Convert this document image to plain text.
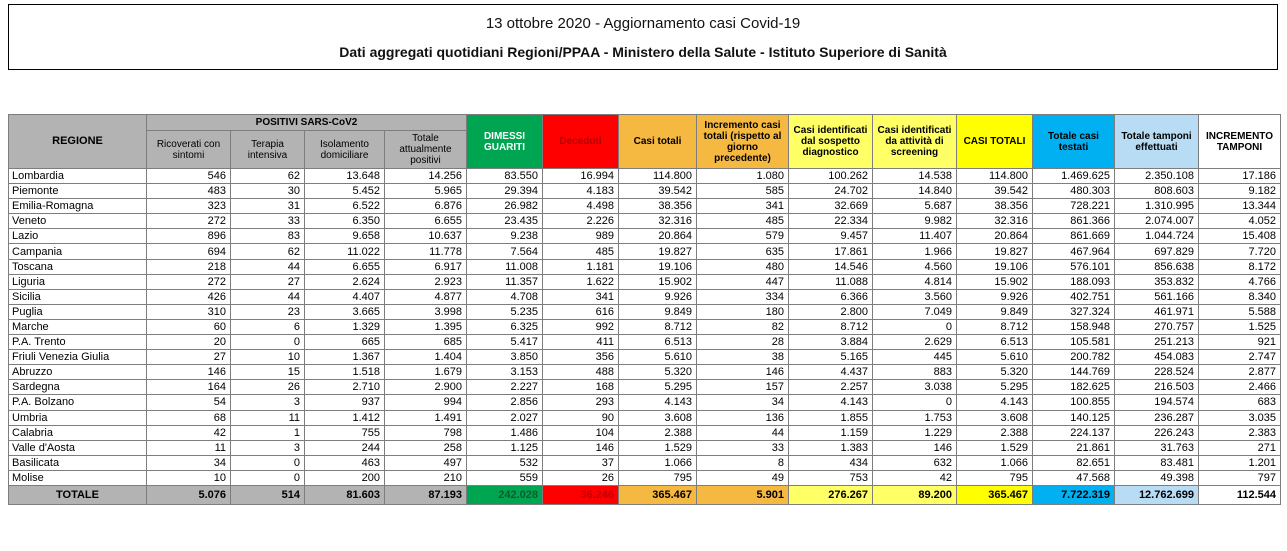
13 ottobre 2020 - Aggiornamento casi Covid-19
Dati aggregati quotidiani Regioni/PPAA - Ministero della Salute - Istituto Superiore di Sanità
REGIONE	POSITIVI SARS-CoV2				DIMESSI GUARITI	Deceduti	Casi totali	Incremento casi totali (rispetto al giorno precedente)	Casi identificati dal sospetto diagnostico	Casi identificati da attività di screening	CASI TOTALI	Totale casi testati	Totale tamponi effettuati	INCREMENTO TAMPONI
	Ricoverati con sintomi	Terapia intensiva	Isolamento domiciliare	Totale attualmente positivi										
Lombardia	546	62	13.648	14.256	83.550	16.994	114.800	1.080	100.262	14.538	114.800	1.469.625	2.350.108	17.186
Piemonte	483	30	5.452	5.965	29.394	4.183	39.542	585	24.702	14.840	39.542	480.303	808.603	9.182
Emilia-Romagna	323	31	6.522	6.876	26.982	4.498	38.356	341	32.669	5.687	38.356	728.221	1.310.995	13.344
Veneto	272	33	6.350	6.655	23.435	2.226	32.316	485	22.334	9.982	32.316	861.366	2.074.007	4.052
Lazio	896	83	9.658	10.637	9.238	989	20.864	579	9.457	11.407	20.864	861.669	1.044.724	15.408
Campania	694	62	11.022	11.778	7.564	485	19.827	635	17.861	1.966	19.827	467.964	697.829	7.720
Toscana	218	44	6.655	6.917	11.008	1.181	19.106	480	14.546	4.560	19.106	576.101	856.638	8.172
Liguria	272	27	2.624	2.923	11.357	1.622	15.902	447	11.088	4.814	15.902	188.093	353.832	4.766
Sicilia	426	44	4.407	4.877	4.708	341	9.926	334	6.366	3.560	9.926	402.751	561.166	8.340
Puglia	310	23	3.665	3.998	5.235	616	9.849	180	2.800	7.049	9.849	327.324	461.971	5.588
Marche	60	6	1.329	1.395	6.325	992	8.712	82	8.712	0	8.712	158.948	270.757	1.525
P.A. Trento	20	0	665	685	5.417	411	6.513	28	3.884	2.629	6.513	105.581	251.213	921
Friuli Venezia Giulia	27	10	1.367	1.404	3.850	356	5.610	38	5.165	445	5.610	200.782	454.083	2.747
Abruzzo	146	15	1.518	1.679	3.153	488	5.320	146	4.437	883	5.320	144.769	228.524	2.877
Sardegna	164	26	2.710	2.900	2.227	168	5.295	157	2.257	3.038	5.295	182.625	216.503	2.466
P.A. Bolzano	54	3	937	994	2.856	293	4.143	34	4.143	0	4.143	100.855	194.574	683
Umbria	68	11	1.412	1.491	2.027	90	3.608	136	1.855	1.753	3.608	140.125	236.287	3.035
Calabria	42	1	755	798	1.486	104	2.388	44	1.159	1.229	2.388	224.137	226.243	2.383
Valle d'Aosta	11	3	244	258	1.125	146	1.529	33	1.383	146	1.529	21.861	31.763	271
Basilicata	34	0	463	497	532	37	1.066	8	434	632	1.066	82.651	83.481	1.201
Molise	10	0	200	210	559	26	795	49	753	42	795	47.568	49.398	797
TOTALE	5.076	514	81.603	87.193	242.028	36.246	365.467	5.901	276.267	89.200	365.467	7.722.319	12.762.699	112.544
